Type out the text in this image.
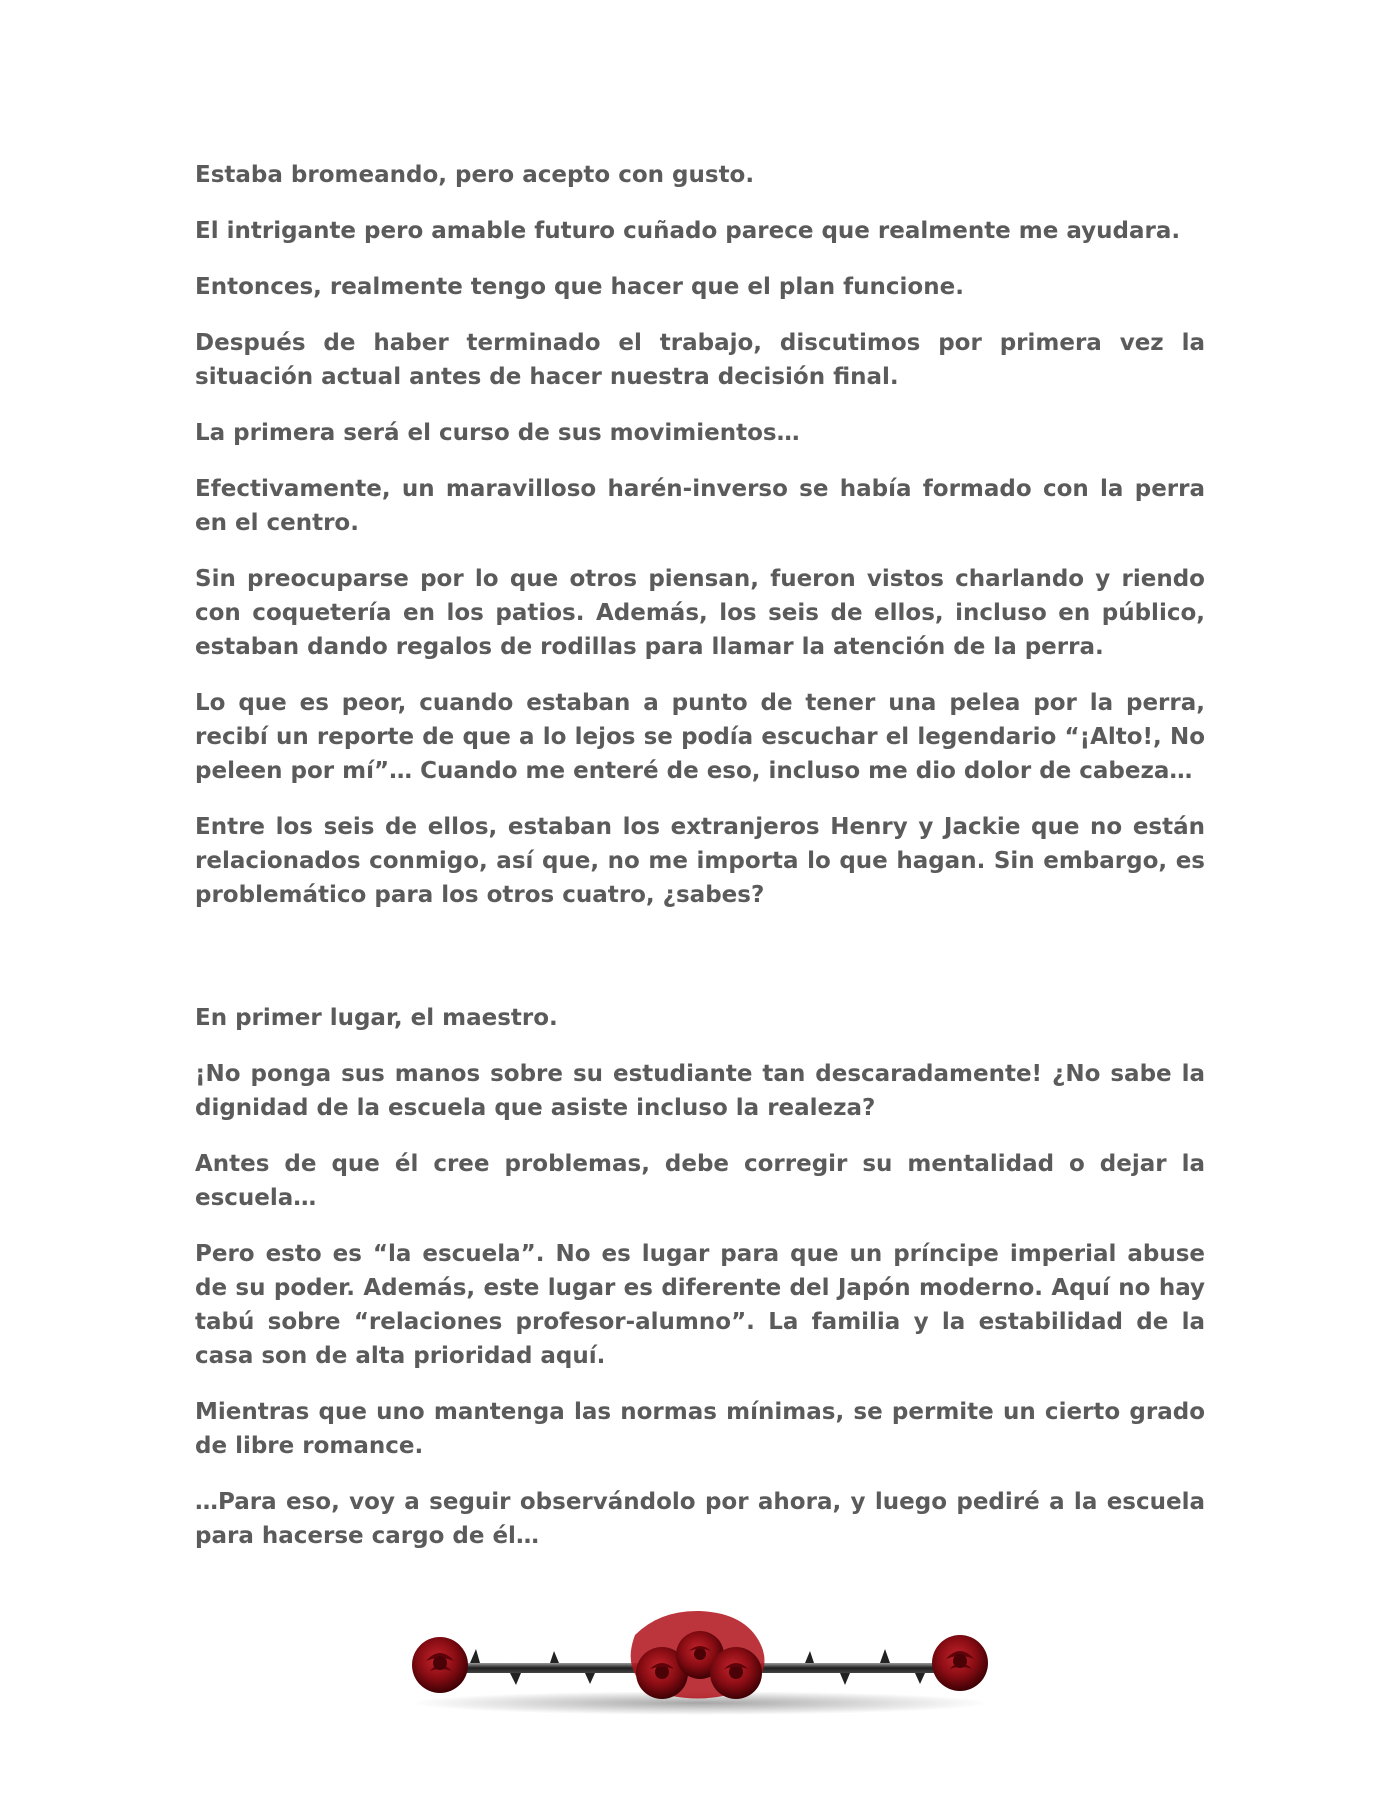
Estaba bromeando, pero acepto con gusto.

El intrigante pero amable futuro cuñado parece que realmente me ayudara.

Entonces, realmente tengo que hacer que el plan funcione.

Después de haber terminado el trabajo, discutimos por primera vez la situación actual antes de hacer nuestra decisión final.

La primera será el curso de sus movimientos…

Efectivamente, un maravilloso harén-inverso se había formado con la perra en el centro.

Sin preocuparse por lo que otros piensan, fueron vistos charlando y riendo con coquetería en los patios. Además, los seis de ellos, incluso en público, estaban dando regalos de rodillas para llamar la atención de la perra.

Lo que es peor, cuando estaban a punto de tener una pelea por la perra, recibí un reporte de que a lo lejos se podía escuchar el legendario “¡Alto!, No peleen por mí”… Cuando me enteré de eso, incluso me dio dolor de cabeza…

Entre los seis de ellos, estaban los extranjeros Henry y Jackie que no están relacionados conmigo, así que, no me importa lo que hagan. Sin embargo, es problemático para los otros cuatro, ¿sabes?

En primer lugar, el maestro.

¡No ponga sus manos sobre su estudiante tan descaradamente! ¿No sabe la dignidad de la escuela que asiste incluso la realeza?

Antes de que él cree problemas, debe corregir su mentalidad o dejar la escuela…

Pero esto es “la escuela”. No es lugar para que un príncipe imperial abuse de su poder. Además, este lugar es diferente del Japón moderno. Aquí no hay tabú sobre “relaciones profesor-alumno”. La familia y la estabilidad de la casa son de alta prioridad aquí.

Mientras que uno mantenga las normas mínimas, se permite un cierto grado de libre romance.

…Para eso, voy a seguir observándolo por ahora, y luego pediré a la escuela para hacerse cargo de él…
